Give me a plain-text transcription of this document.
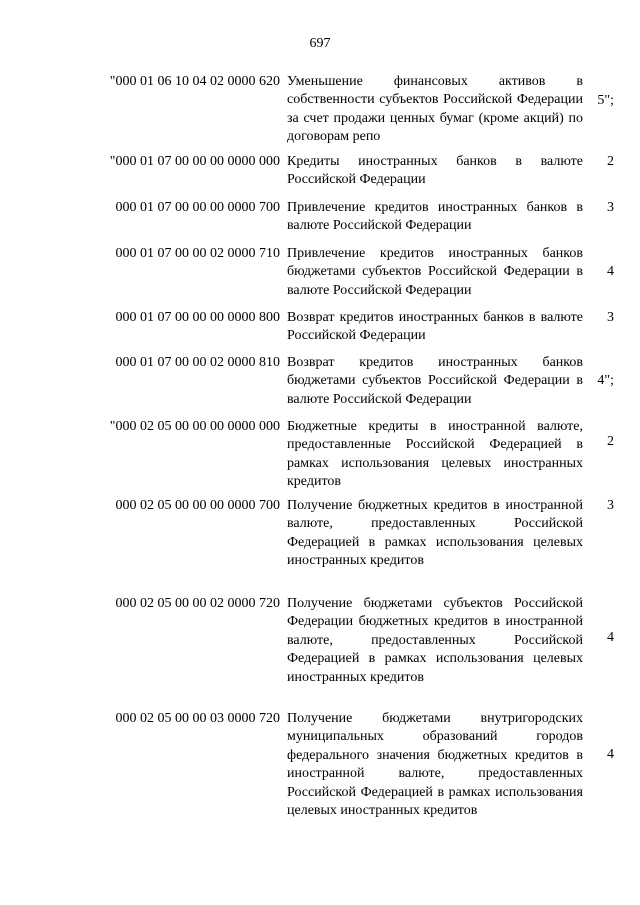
697
"000 01 06 10 04 02 0000 620 Уменьшение финансовых активов в собственности субъектов Российской Федерации за счет продажи ценных бумаг (кроме акций) по договорам репо
5";
"000 01 07 00 00 00 0000 000 Кредиты иностранных банков в валюте Российской Федерации
2
000 01 07 00 00 00 0000 700 Привлечение кредитов иностранных банков в валюте Российской Федерации
3
000 01 07 00 00 02 0000 710 Привлечение кредитов иностранных банков бюджетами субъектов Российской Федерации в валюте Российской Федерации
4
000 01 07 00 00 00 0000 800 Возврат кредитов иностранных банков в валюте Российской Федерации
3
000 01 07 00 00 02 0000 810 Возврат кредитов иностранных банков бюджетами субъектов Российской Федерации в валюте Российской Федерации
4";
"000 02 05 00 00 00 0000 000 Бюджетные кредиты в иностранной валюте, предоставленные Российской Федерацией в рамках использования целевых иностранных кредитов
2
000 02 05 00 00 00 0000 700 Получение бюджетных кредитов в иностранной валюте, предоставленных Российской Федерацией в рамках использования целевых иностранных кредитов
3
000 02 05 00 00 02 0000 720 Получение бюджетами субъектов Российской Федерации бюджетных кредитов в иностранной валюте, предоставленных Российской Федерацией в рамках использования целевых иностранных кредитов
4
000 02 05 00 00 03 0000 720 Получение бюджетами внутригородских муниципальных образований городов федерального значения бюджетных кредитов в иностранной валюте, предоставленных Российской Федерацией в рамках использования целевых иностранных кредитов
4
